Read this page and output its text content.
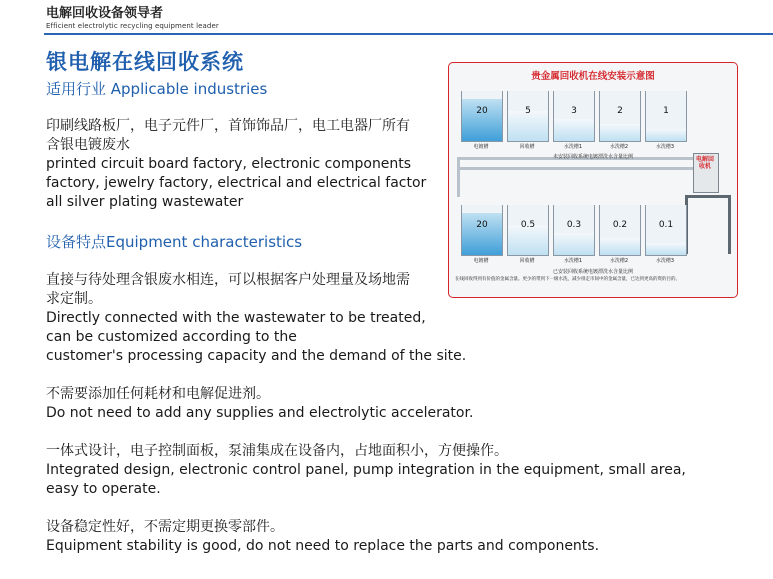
电解回收设备领导者
Efficient electrolytic recycling equipment leader
银电解在线回收系统
适用行业 Applicable industries
印刷线路板厂，电子元件厂，首饰饰品厂，电工电器厂所有
含银电镀废水
printed circuit board factory, electronic components
factory, jewelry factory, electrical and electrical factor
all silver plating wastewater
设备特点Equipment characteristics
直接与待处理含银废水相连，可以根据客户处理量及场地需
求定制。
Directly connected with the wastewater to be treated,
can be customized according to the
customer's processing capacity and the demand of the site.
不需要添加任何耗材和电解促进剂。
Do not need to add any supplies and electrolytic accelerator.
一体式设计，电子控制面板，泵浦集成在设备内，占地面积小，方便操作。
Integrated design, electronic control panel, pump integration in the equipment, small area,
easy to operate.
设备稳定性好，不需定期更换零部件。
Equipment stability is good, do not need to replace the parts and components.
贵金属回收机在线安装示意图
电解回收机
20
电镀槽
5
回收槽
3
水洗槽1
2
水洗槽2
1
水洗槽3
未安装回收系统电镀漂洗水含量比例
20
电镀槽
0.5
回收槽
0.3
水洗槽1
0.2
水洗槽2
0.1
水洗槽3
已安装回收系统电镀漂洗水含量比例
在线回收得到有价值的金属含量。更少的带到下一级水洗，减少排走市间中的金属含量，已达到更高的资的目的。
